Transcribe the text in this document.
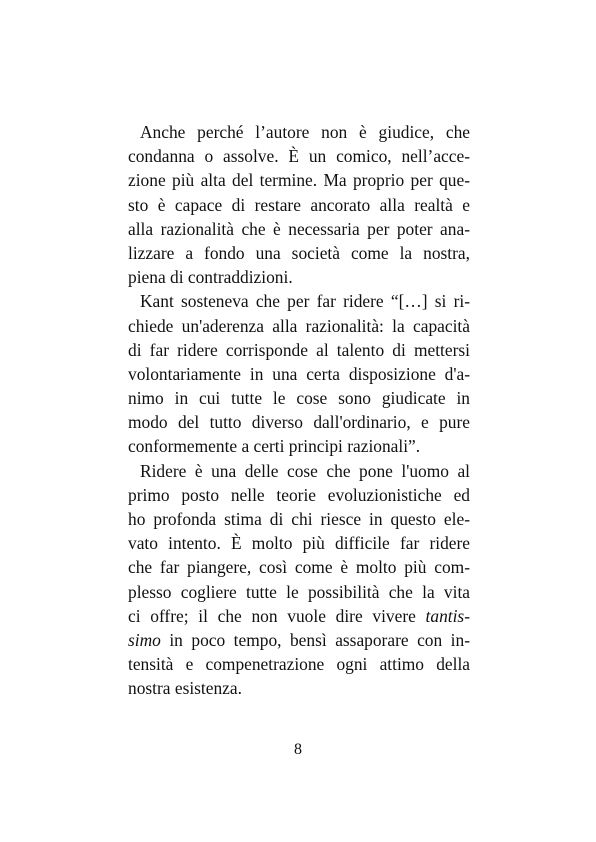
Anche perché l’autore non è giudice, che
condanna o assolve. È un comico, nell’acce-
zione più alta del termine. Ma proprio per que-
sto è capace di restare ancorato alla realtà e
alla razionalità che è necessaria per poter ana-
lizzare a fondo una società come la nostra,
piena di contraddizioni.
Kant sosteneva che per far ridere “[…] si ri-
chiede un'aderenza alla razionalità: la capacità
di far ridere corrisponde al talento di mettersi
volontariamente in una certa disposizione d'a-
nimo in cui tutte le cose sono giudicate in
modo del tutto diverso dall'ordinario, e pure
conformemente a certi principi razionali”.
Ridere è una delle cose che pone l'uomo al
primo posto nelle teorie evoluzionistiche ed
ho profonda stima di chi riesce in questo ele-
vato intento. È molto più difficile far ridere
che far piangere, così come è molto più com-
plesso cogliere tutte le possibilità che la vita
ci offre; il che non vuole dire vivere tantis-
simo in poco tempo, bensì assaporare con in-
tensità e compenetrazione ogni attimo della
nostra esistenza.
8
